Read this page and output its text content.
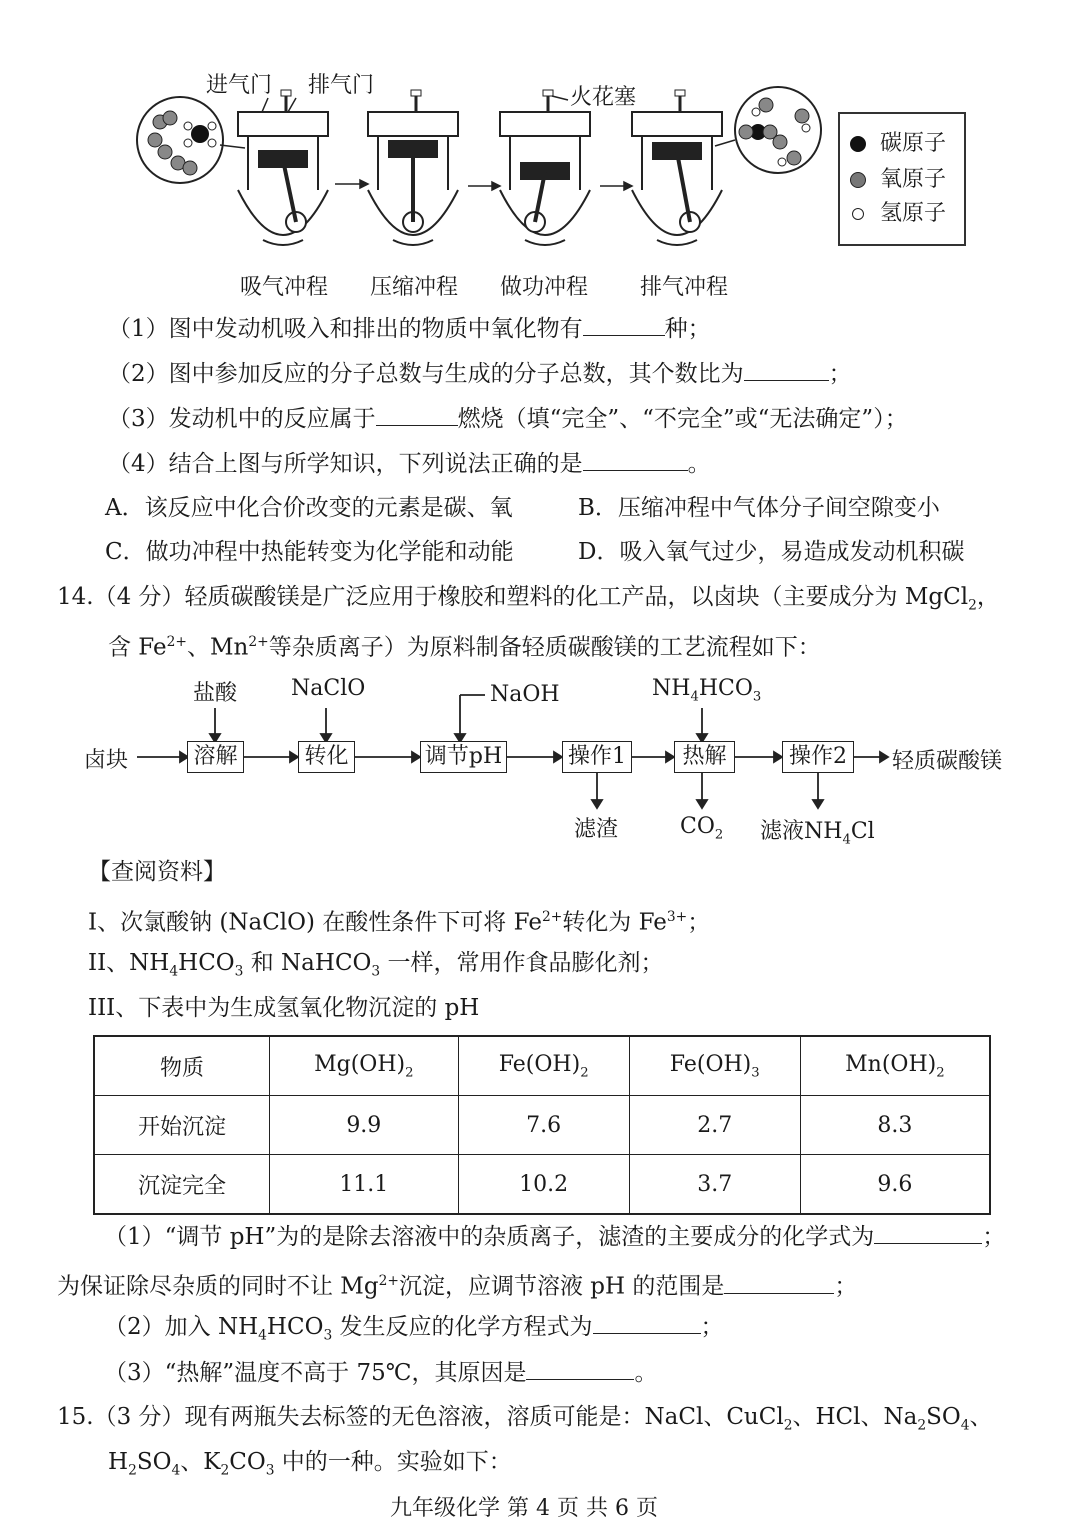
进气门 排气门	火花塞
吸气冲程 压缩冲程 做功冲程 排气冲程
碳原子
氧原子
氢原子
（1）图中发动机吸入和排出的物质中氧化物有	种；
（2）图中参加反应的分子总数与生成的分子总数，其个数比为	；
（3）发动机中的反应属于	燃烧（填“完全”、“不完全”或“无法确定”）；
（4）结合上图与所学知识，下列说法正确的是	。
A．该反应中化合价改变的元素是碳、氧	B．压缩冲程中气体分子间空隙变小
C．做功冲程中热能转变为化学能和动能	D．吸入氧气过少，易造成发动机积碳
14.（4 分）轻质碳酸镁是广泛应用于橡胶和塑料的化工产品，以卤块（主要成分为 MgCl$_2$，
含 $Fe^{2+}$、$Mn^{2+}$等杂质离子）为原料制备轻质碳酸镁的工艺流程如下：
卤块	溶解	转化	调节pH	操作1	热解	操作2	轻质碳酸镁
盐酸 NaClO	NaOH	$NH_4HCO_3$
滤渣	$CO_2$ 滤液$NH_4Cl$
【查阅资料】
I、次氯酸钠 (NaClO) 在酸性条件下可将 $Fe^{2+}$转化为 $Fe^{3+}$；
II、$NH_4HCO_3$ 和 NaHCO$_3$ 一样，常用作食品膨化剂；
III、下表中为生成氢氧化物沉淀的 pH
物质	$Mg(OH)_2$	$Fe(OH)_2$	$Fe(OH)_3$	$Mn(OH)_2$
开始沉淀	9.9	7.6	2.7	8.3
沉淀完全	11.1	10.2	3.7	9.6
（1）“调节 pH”为的是除去溶液中的杂质离子，滤渣的主要成分的化学式为	；
为保证除尽杂质的同时不让 $Mg^{2+}$沉淀，应调节溶液 pH 的范围是	；
（2）加入 $NH_4HCO_3$ 发生反应的化学方程式为	；
（3）“热解”温度不高于 75℃，其原因是	。
15.（3 分）现有两瓶失去标签的无色溶液，溶质可能是：NaCl、CuCl$_2$、HCl、$Na_2SO_4$、
$H_2SO_4$、$K_2CO_3$ 中的一种。实验如下：
九年级化学 第 4 页 共 6 页
